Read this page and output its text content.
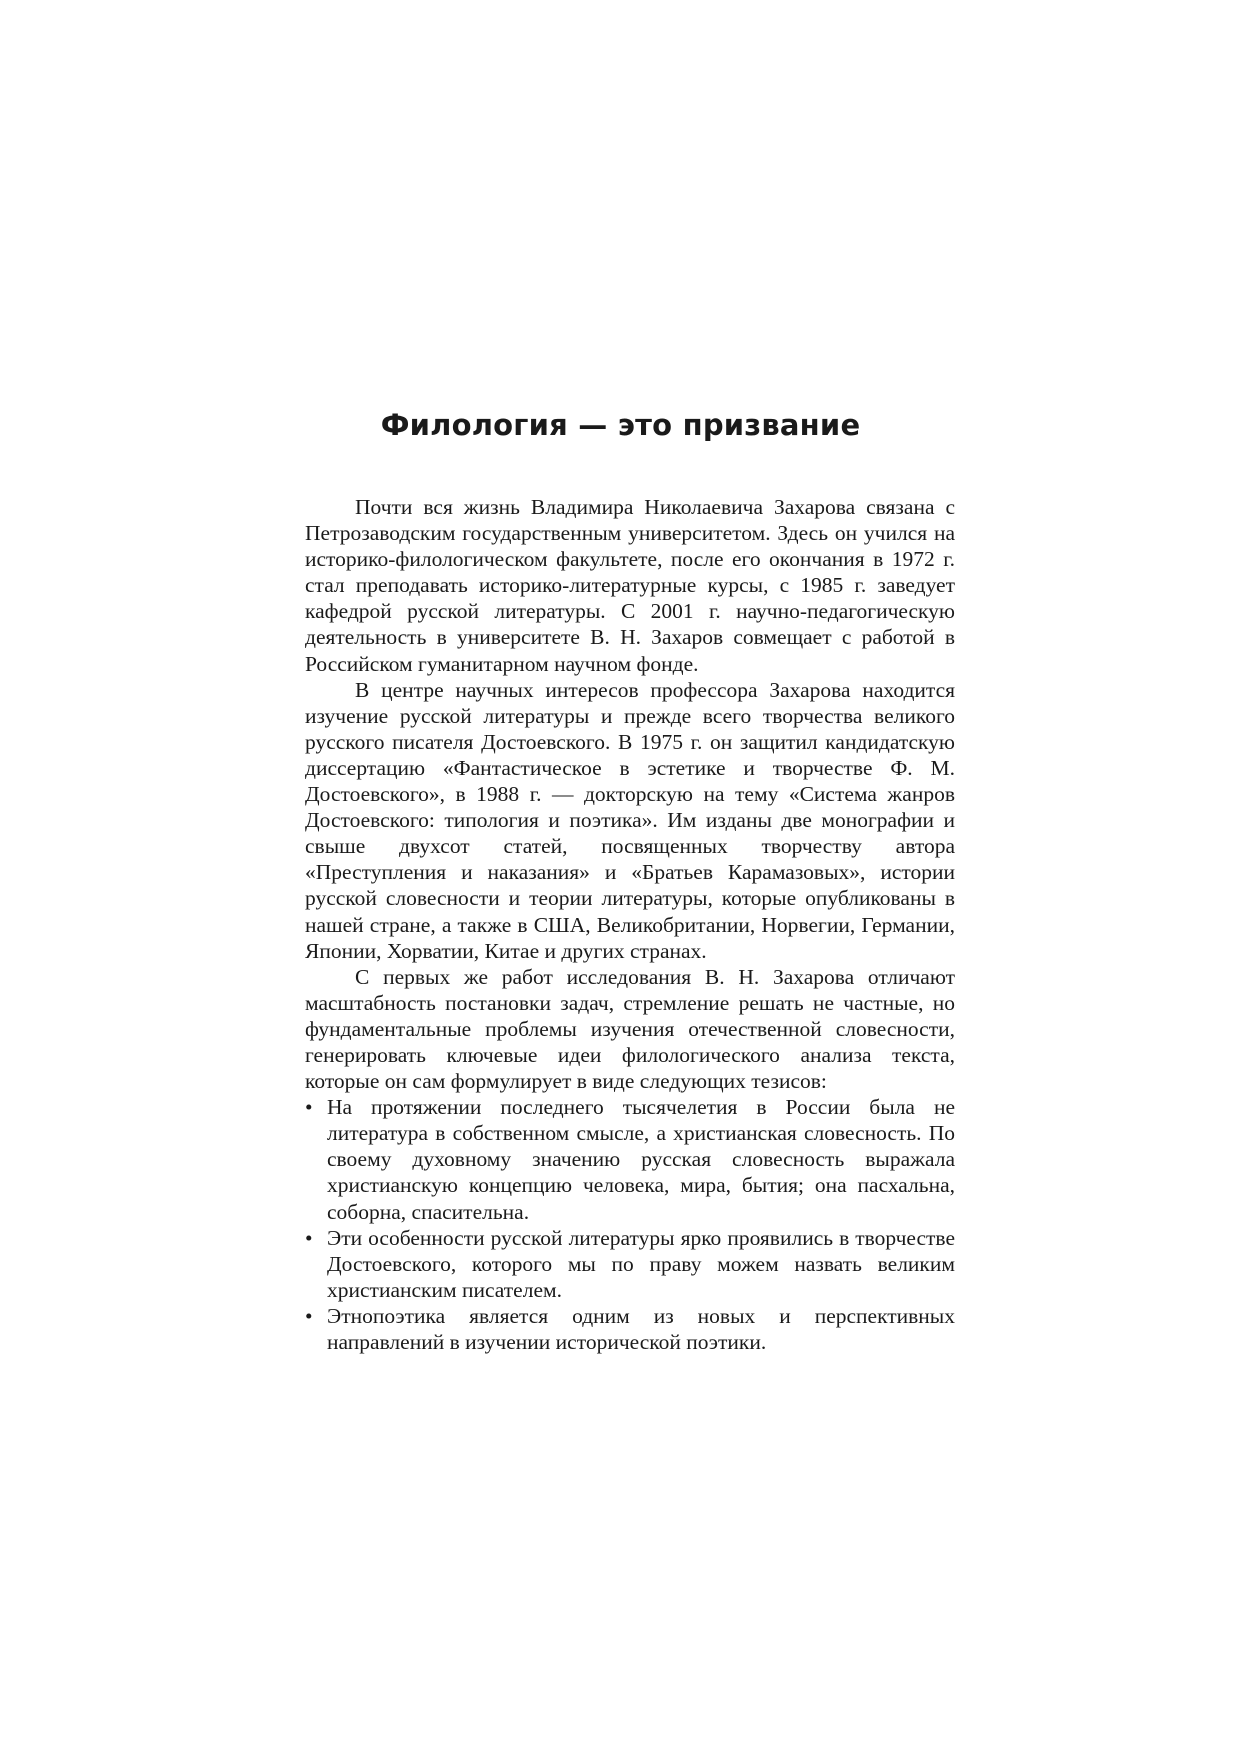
Филология — это призвание

Почти вся жизнь Владимира Николаевича Захарова связана с Петрозаводским государственным университетом. Здесь он учился на историко-филологическом факультете, после его окончания в 1972 г. стал преподавать историко-литературные курсы, с 1985 г. заведует кафедрой русской литературы. С 2001 г. научно-педагогическую деятельность в университете В. Н. Захаров совмещает с работой в Российском гуманитарном научном фонде.

В центре научных интересов профессора Захарова находится изучение русской литературы и прежде всего творчества великого русского писателя Достоевского. В 1975 г. он защитил кандидатскую диссертацию «Фантастическое в эстетике и творчестве Ф. М. Достоевского», в 1988 г. — докторскую на тему «Система жанров Достоевского: типология и поэтика». Им изданы две монографии и свыше двухсот статей, посвященных творчеству автора «Преступления и наказания» и «Братьев Карамазовых», истории русской словесности и теории литературы, которые опубликованы в нашей стране, а также в США, Великобритании, Норвегии, Германии, Японии, Хорватии, Китае и других странах.

С первых же работ исследования В. Н. Захарова отличают масштабность постановки задач, стремление решать не частные, но фундаментальные проблемы изучения отечественной словесности, генерировать ключевые идеи филологического анализа текста, которые он сам формулирует в виде следующих тезисов:

• На протяжении последнего тысячелетия в России была не литература в собственном смысле, а христианская словесность. По своему духовному значению русская словесность выражала христианскую концепцию человека, мира, бытия; она пасхальна, соборна, спасительна.
• Эти особенности русской литературы ярко проявились в творчестве Достоевского, которого мы по праву можем назвать великим христианским писателем.
• Этнопоэтика является одним из новых и перспективных направлений в изучении исторической поэтики.
